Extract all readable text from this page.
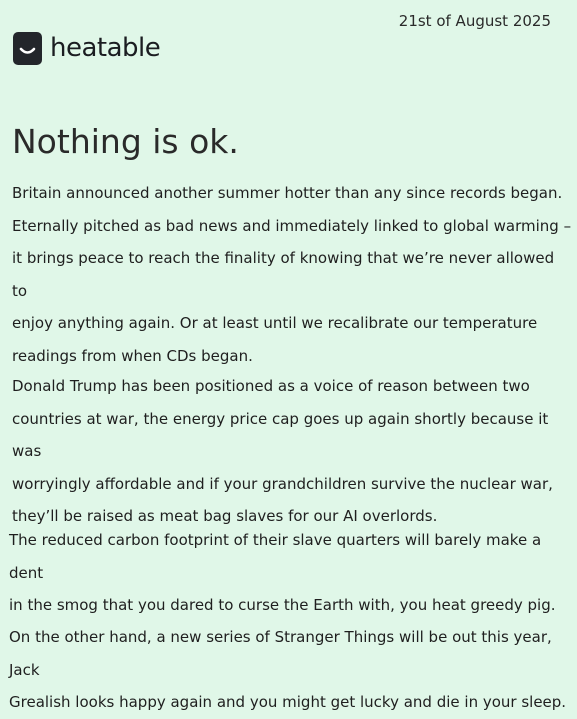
21st of August 2025
heatable
Nothing is ok.

Britain announced another summer hotter than any since records began.
Eternally pitched as bad news and immediately linked to global warming –
it brings peace to reach the finality of knowing that we’re never allowed to
enjoy anything again. Or at least until we recalibrate our temperature
readings from when CDs began.

Donald Trump has been positioned as a voice of reason between two
countries at war, the energy price cap goes up again shortly because it was
worryingly affordable and if your grandchildren survive the nuclear war,
they’ll be raised as meat bag slaves for our AI overlords.

The reduced carbon footprint of their slave quarters will barely make a dent
in the smog that you dared to curse the Earth with, you heat greedy pig.

On the other hand, a new series of Stranger Things will be out this year, Jack
Grealish looks happy again and you might get lucky and die in your sleep.
